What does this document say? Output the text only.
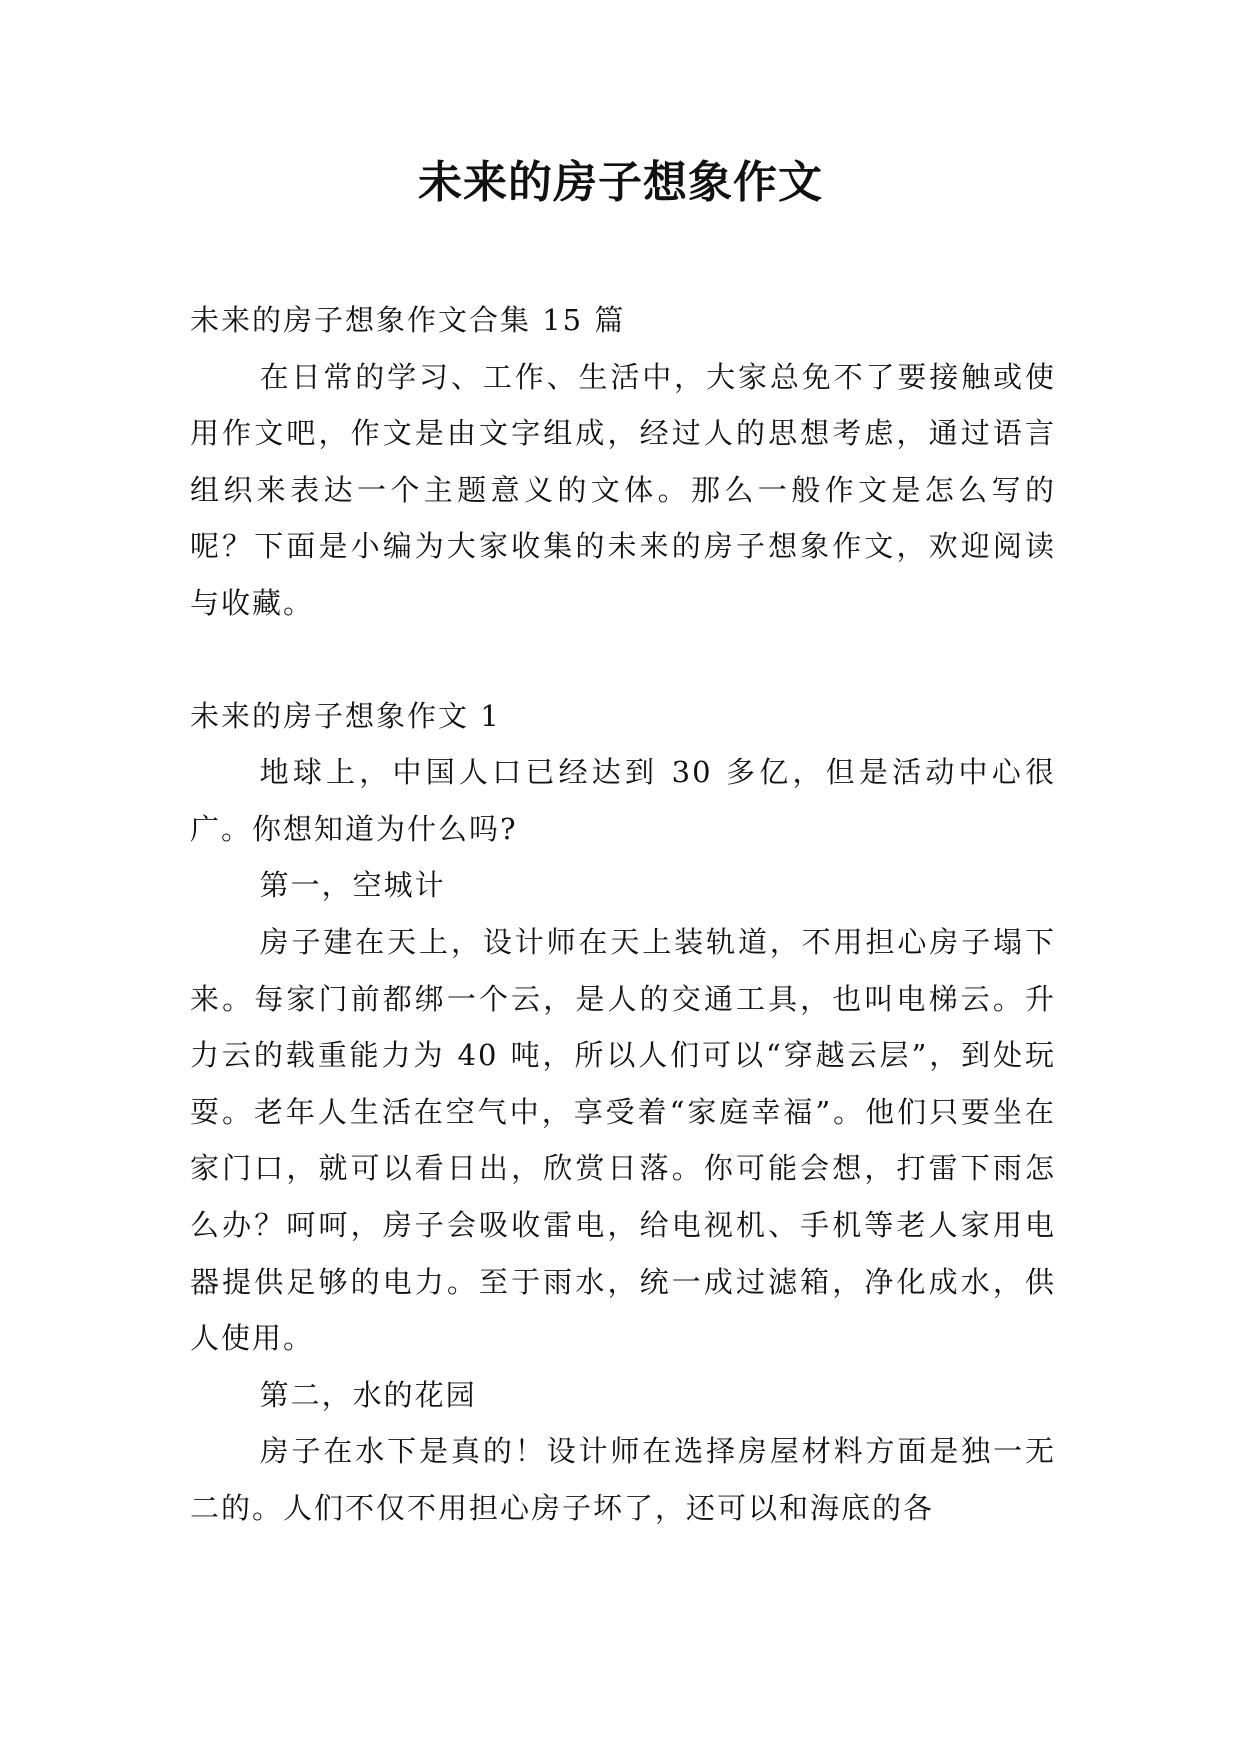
未来的房子想象作文

未来的房子想象作文合集 15 篇

在日常的学习、工作、生活中，大家总免不了要接触或使用作文吧，作文是由文字组成，经过人的思想考虑，通过语言组织来表达一个主题意义的文体。那么一般作文是怎么写的呢？下面是小编为大家收集的未来的房子想象作文，欢迎阅读与收藏。

未来的房子想象作文 1

地球上，中国人口已经达到 30 多亿，但是活动中心很广。你想知道为什么吗?

第一，空城计

房子建在天上，设计师在天上装轨道，不用担心房子塌下来。每家门前都绑一个云，是人的交通工具，也叫电梯云。升力云的载重能力为 40 吨，所以人们可以“穿越云层”，到处玩耍。老年人生活在空气中，享受着“家庭幸福”。他们只要坐在家门口，就可以看日出，欣赏日落。你可能会想，打雷下雨怎么办？呵呵，房子会吸收雷电，给电视机、手机等老人家用电器提供足够的电力。至于雨水，统一成过滤箱，净化成水，供人使用。

第二，水的花园

房子在水下是真的！设计师在选择房屋材料方面是独一无二的。人们不仅不用担心房子坏了，还可以和海底的各
